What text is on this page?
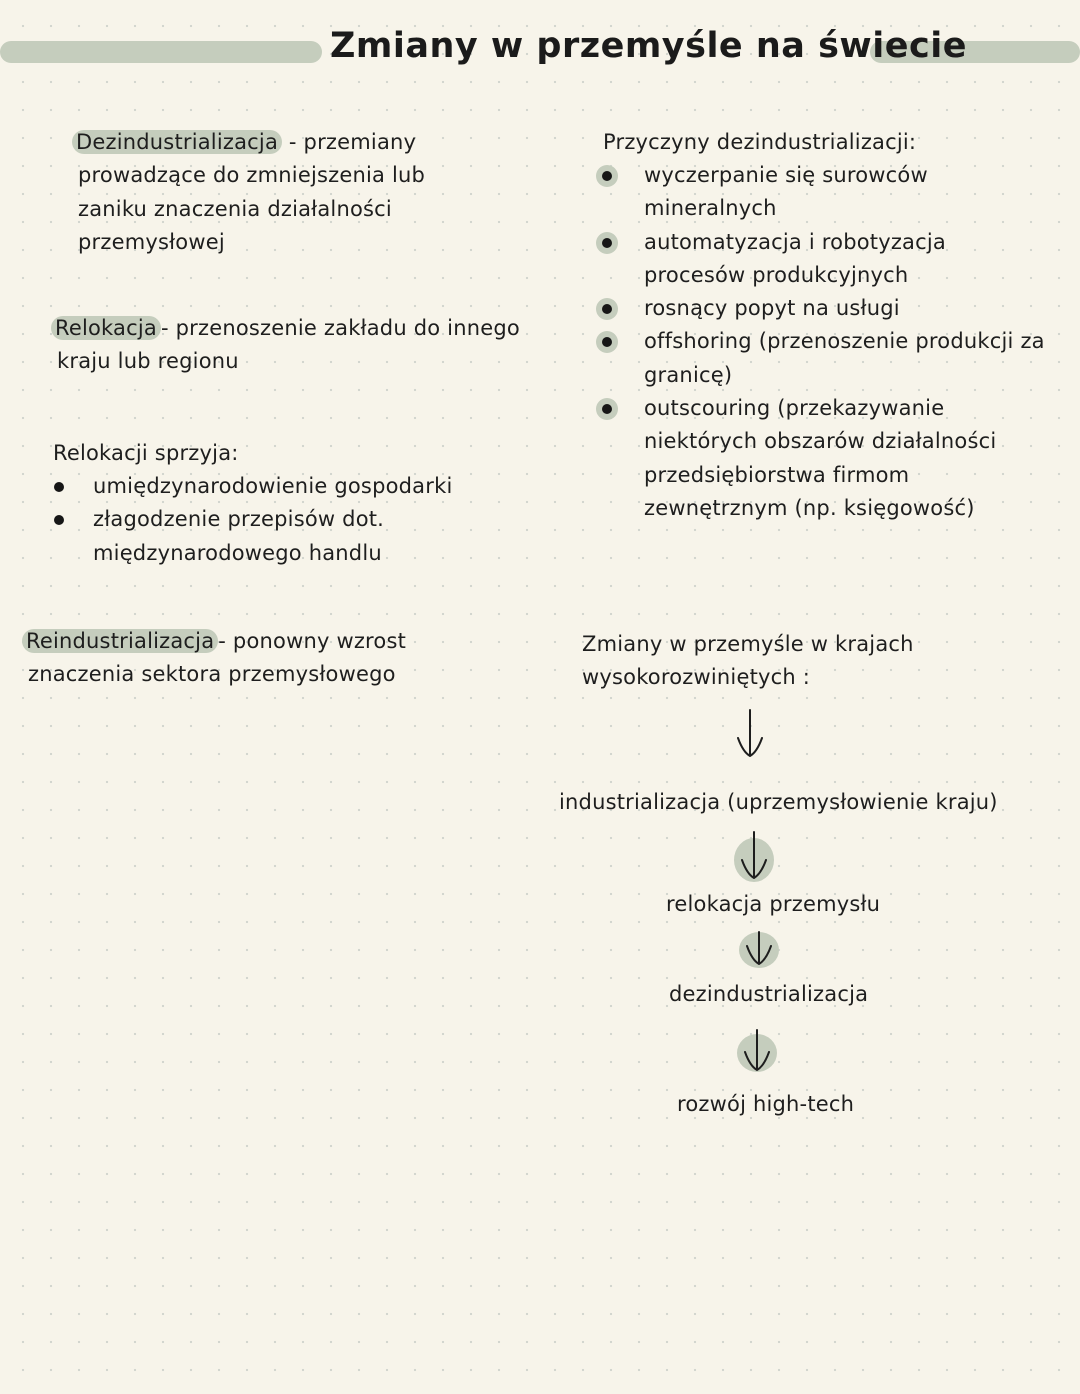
Zmiany w przemyśle na świecie
Dezindustrializacja - przemiany
prowadzące do zmniejszenia lub
zaniku znaczenia działalności
przemysłowej
Relokacja - przenoszenie zakładu do innego
kraju lub regionu
Relokacji sprzyja:
umiędzynarodowienie gospodarki
złagodzenie przepisów dot.
międzynarodowego handlu
Reindustrializacja - ponowny wzrost
znaczenia sektora przemysłowego
Przyczyny dezindustrializacji:
wyczerpanie się surowców
mineralnych
automatyzacja i robotyzacja
procesów produkcyjnych
rosnący popyt na usługi
offshoring (przenoszenie produkcji za
granicę)
outscouring (przekazywanie
niektórych obszarów działalności
przedsiębiorstwa firmom
zewnętrznym (np. księgowość)
Zmiany w przemyśle w krajach
wysokorozwiniętych :
industrializacja (uprzemysłowienie kraju)
relokacja przemysłu
dezindustrializacja
rozwój high-tech
